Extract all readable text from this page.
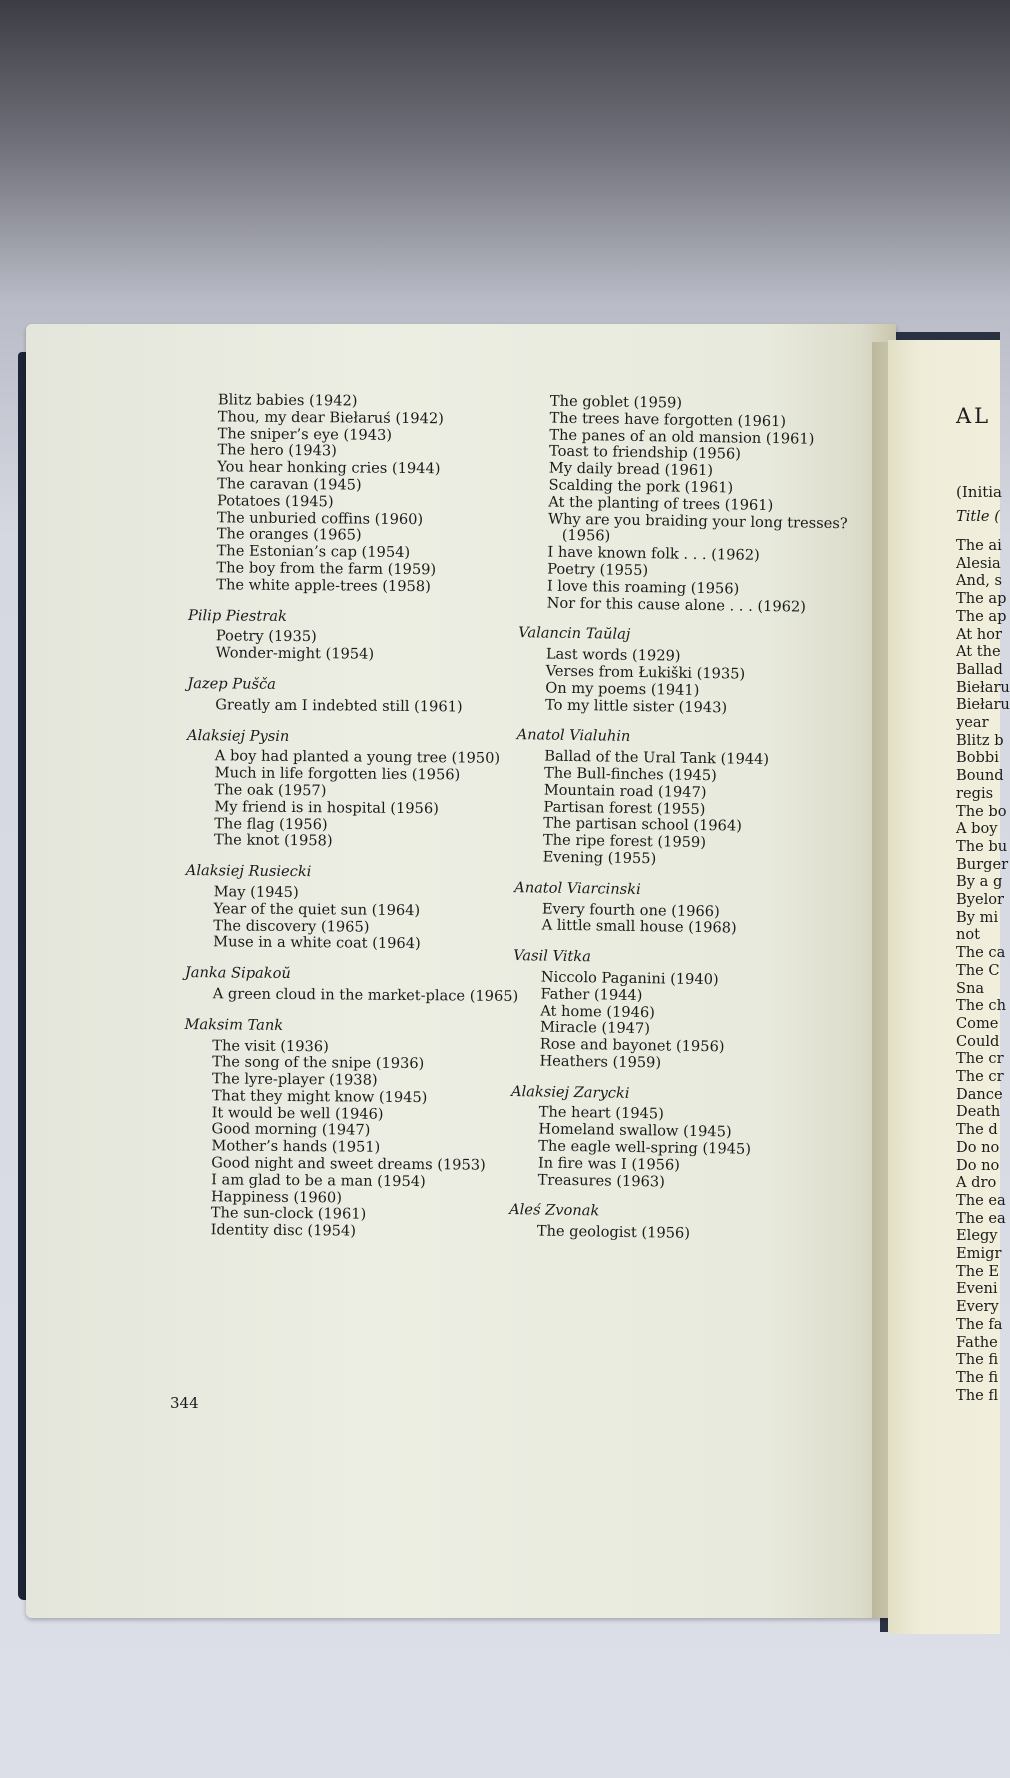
Blitz babies (1942)
Thou, my dear Biełaruś (1942)
The sniper’s eye (1943)
The hero (1943)
You hear honking cries (1944)
The caravan (1945)
Potatoes (1945)
The unburied coffins (1960)
The oranges (1965)
The Estonian’s cap (1954)
The boy from the farm (1959)
The white apple-trees (1958)
Pilip Piestrak
Poetry (1935)
Wonder-might (1954)
Jazep Pušča
Greatly am I indebted still (1961)
Alaksiej Pysin
A boy had planted a young tree (1950)
Much in life forgotten lies (1956)
The oak (1957)
My friend is in hospital (1956)
The flag (1956)
The knot (1958)
Alaksiej Rusiecki
May (1945)
Year of the quiet sun (1964)
The discovery (1965)
Muse in a white coat (1964)
Janka Sipakoŭ
A green cloud in the market-place (1965)
Maksim Tank
The visit (1936)
The song of the snipe (1936)
The lyre-player (1938)
That they might know (1945)
It would be well (1946)
Good morning (1947)
Mother’s hands (1951)
Good night and sweet dreams (1953)
I am glad to be a man (1954)
Happiness (1960)
The sun-clock (1961)
Identity disc (1954)
The goblet (1959)
The trees have forgotten (1961)
The panes of an old mansion (1961)
Toast to friendship (1956)
My daily bread (1961)
Scalding the pork (1961)
At the planting of trees (1961)
Why are you braiding your long tresses?
(1956)
I have known folk . . . (1962)
Poetry (1955)
I love this roaming (1956)
Nor for this cause alone . . . (1962)
Valancin Taŭlaj
Last words (1929)
Verses from Łukiški (1935)
On my poems (1941)
To my little sister (1943)
Anatol Vialuhin
Ballad of the Ural Tank (1944)
The Bull-finches (1945)
Mountain road (1947)
Partisan forest (1955)
The partisan school (1964)
The ripe forest (1959)
Evening (1955)
Anatol Viarcinski
Every fourth one (1966)
A little small house (1968)
Vasil Vitka
Niccolo Paganini (1940)
Father (1944)
At home (1946)
Miracle (1947)
Rose and bayonet (1956)
Heathers (1959)
Alaksiej Zarycki
The heart (1945)
Homeland swallow (1945)
The eagle well-spring (1945)
In fire was I (1956)
Treasures (1963)
Aleś Zvonak
The geologist (1956)
344
AL
(Initia
Title (
The ai
Alesia
And, s
The ap
The ap
At hor
At the
Ballad
Biełaru
Biełaru
year
Blitz b
Bobbi
Bound
regis
The bo
A boy
The bu
Burger
By a g
Byelor
By mi
not
The ca
The C
Sna
The ch
Come
Could
The cr
The cr
Dance
Death
The d
Do no
Do no
A dro
The ea
The ea
Elegy
Emigr
The E
Eveni
Every
The fa
Fathe
The fi
The fi
The fl
